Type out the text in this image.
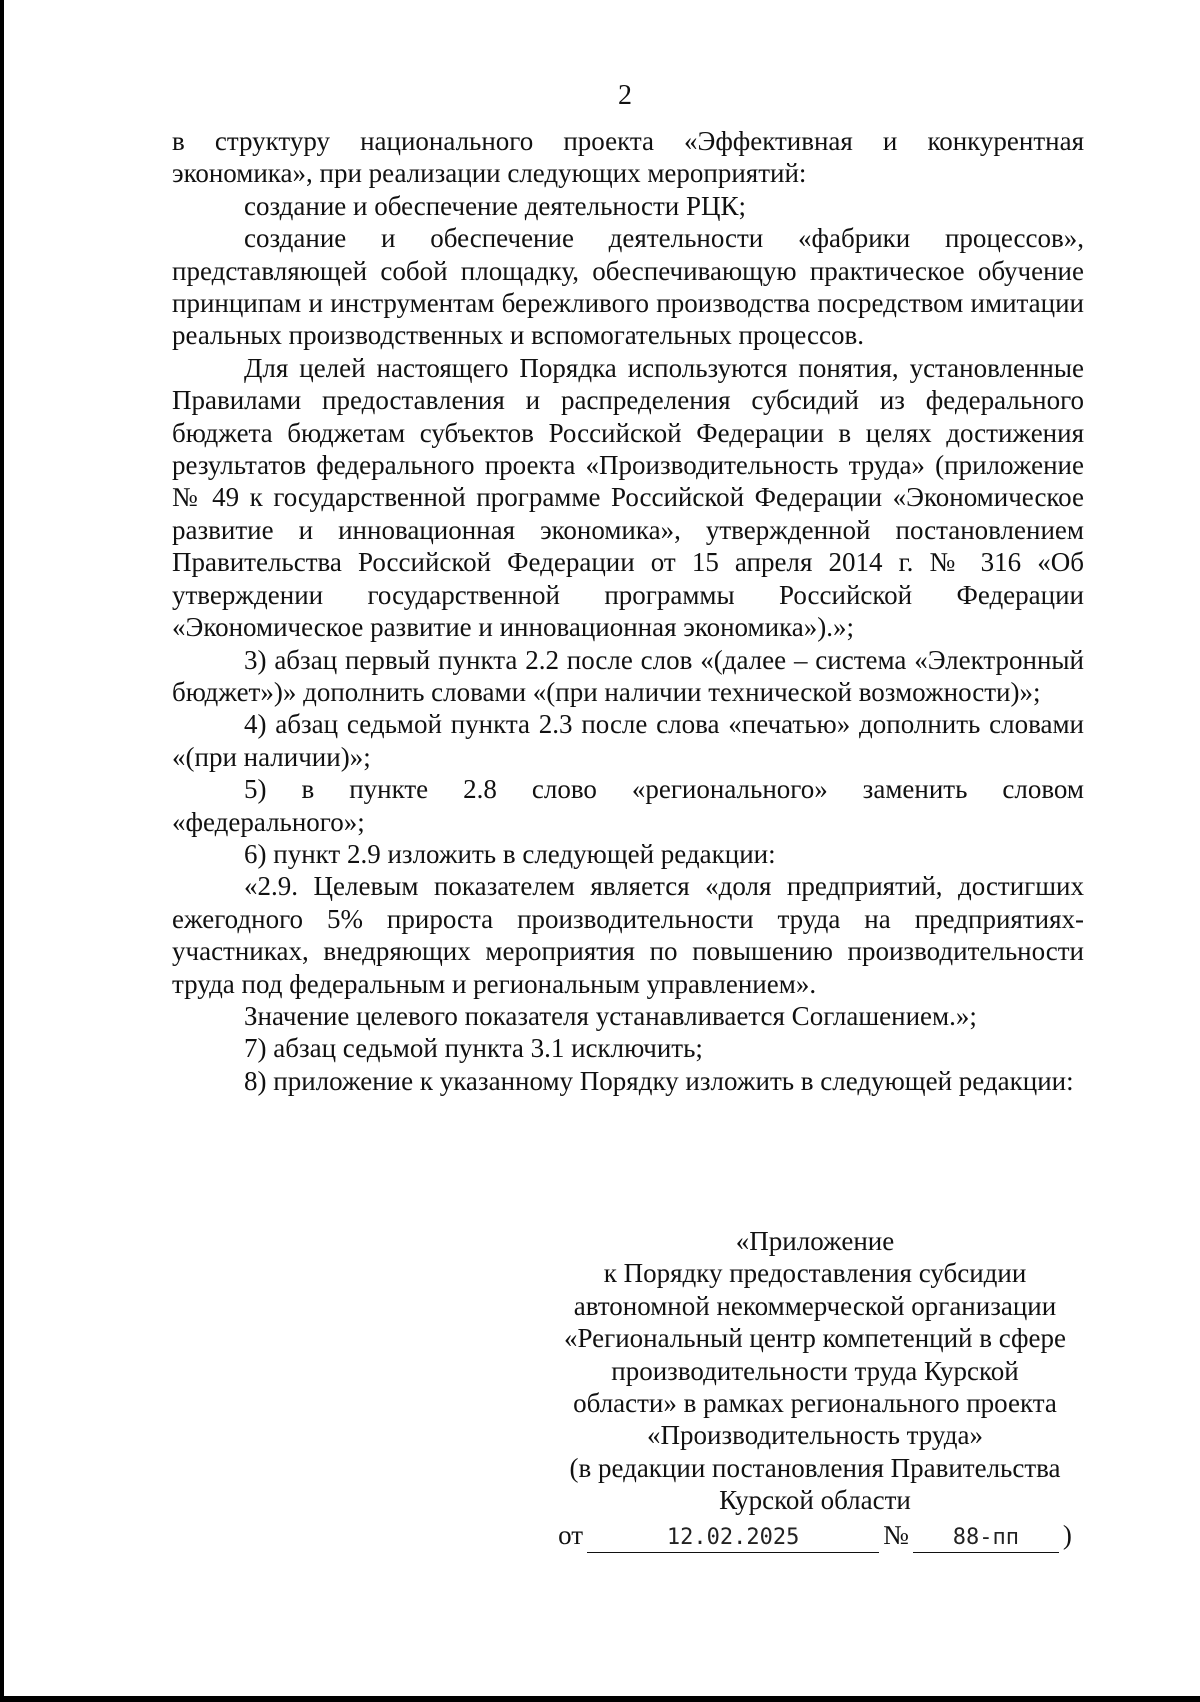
2

в структуру национального проекта «Эффективная и конкурентная экономика», при реализации следующих мероприятий:

создание и обеспечение деятельности РЦК;

создание и обеспечение деятельности «фабрики процессов», представляющей собой площадку, обеспечивающую практическое обучение принципам и инструментам бережливого производства посредством имитации реальных производственных и вспомогательных процессов.

Для целей настоящего Порядка используются понятия, установленные Правилами предоставления и распределения субсидий из федерального бюджета бюджетам субъектов Российской Федерации в целях достижения результатов федерального проекта «Производительность труда» (приложение № 49 к государственной программе Российской Федерации «Экономическое развитие и инновационная экономика», утвержденной постановлением Правительства Российской Федерации от 15 апреля 2014 г. № 316 «Об утверждении государственной программы Российской Федерации «Экономическое развитие и инновационная экономика»).»;

3) абзац первый пункта 2.2 после слов «(далее – система «Электронный бюджет»)» дополнить словами «(при наличии технической возможности)»;

4) абзац седьмой пункта 2.3 после слова «печатью» дополнить словами «(при наличии)»;

5) в пункте 2.8 слово «регионального» заменить словом «федерального»;

6) пункт 2.9 изложить в следующей редакции:

«2.9. Целевым показателем является «доля предприятий, достигших ежегодного 5% прироста производительности труда на предприятиях-участниках, внедряющих мероприятия по повышению производительности труда под федеральным и региональным управлением».

Значение целевого показателя устанавливается Соглашением.»;

7) абзац седьмой пункта 3.1 исключить;

8) приложение к указанному Порядку изложить в следующей редакции:

«Приложение
к Порядку предоставления субсидии
автономной некоммерческой организации
«Региональный центр компетенций в сфере
производительности труда Курской
области» в рамках регионального проекта
«Производительность труда»
(в редакции постановления Правительства
Курской области
от	12.02.2025	№	88-пп	)
